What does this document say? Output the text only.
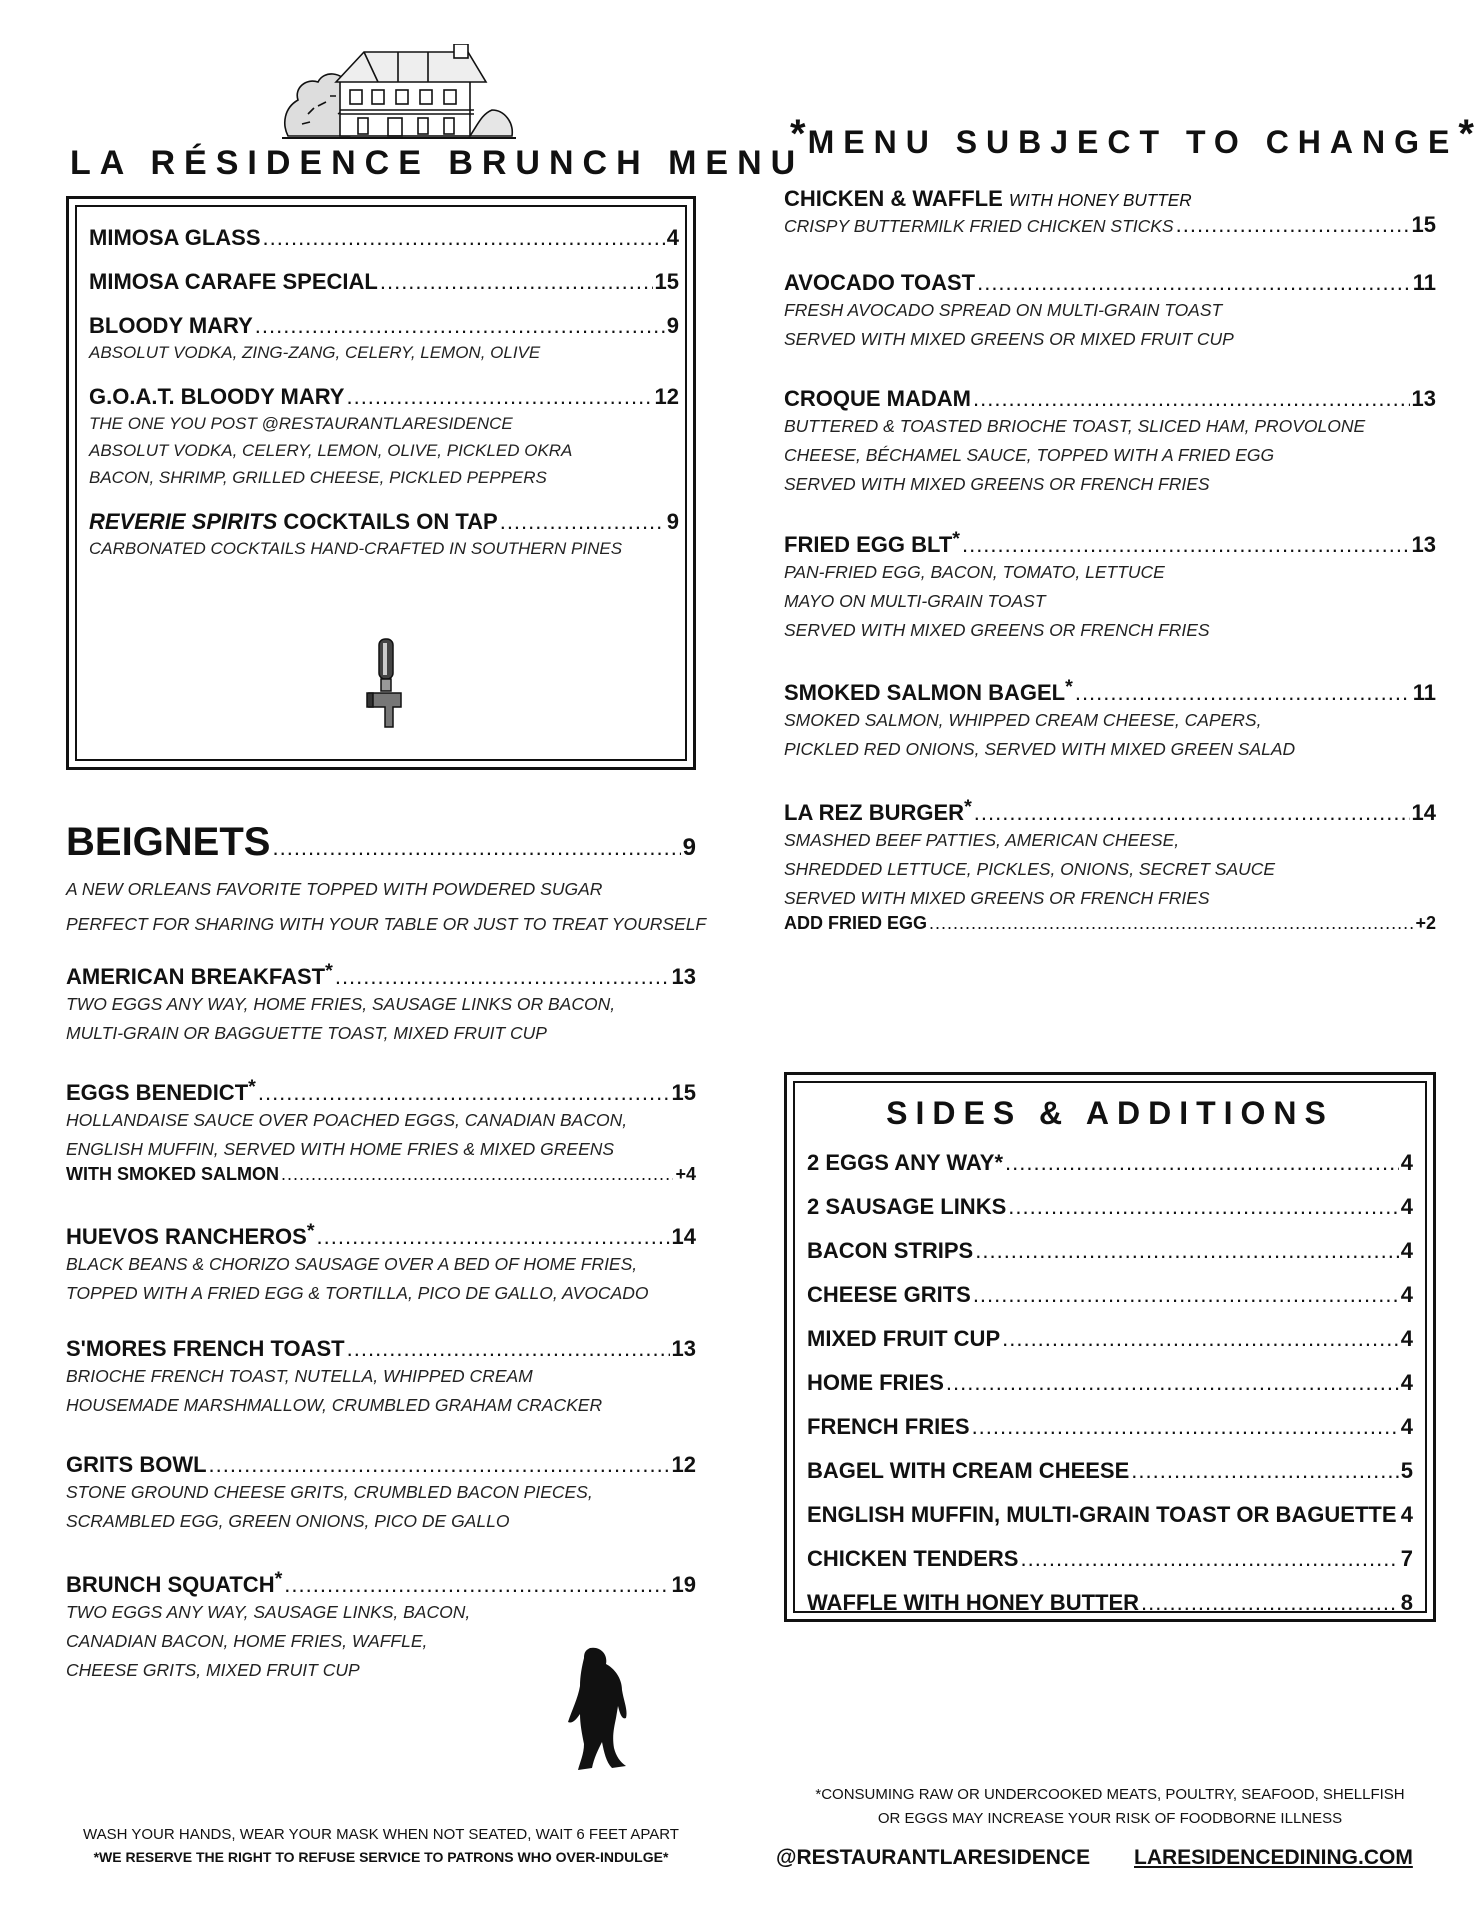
LA RÉSIDENCE BRUNCH MENU
*MENU SUBJECT TO CHANGE*
MIMOSA GLASS .....	4
MIMOSA CARAFE SPECIAL .....	15
BLOODY MARY .....	9
ABSOLUT VODKA, ZING-ZANG, CELERY, LEMON, OLIVE
G.O.A.T. BLOODY MARY .....	12
THE ONE YOU POST @RESTAURANTLARESIDENCE
ABSOLUT VODKA, CELERY, LEMON, OLIVE, PICKLED OKRA
BACON, SHRIMP, GRILLED CHEESE, PICKLED PEPPERS
REVERIE SPIRITS COCKTAILS ON TAP .....	9
CARBONATED COCKTAILS HAND-CRAFTED IN SOUTHERN PINES
BEIGNETS .....	9
A NEW ORLEANS FAVORITE TOPPED WITH POWDERED SUGAR
PERFECT FOR SHARING WITH YOUR TABLE OR JUST TO TREAT YOURSELF
AMERICAN BREAKFAST* .....	13
TWO EGGS ANY WAY, HOME FRIES, SAUSAGE LINKS OR BACON,
MULTI-GRAIN OR BAGGUETTE TOAST, MIXED FRUIT CUP
EGGS BENEDICT* .....	15
HOLLANDAISE SAUCE OVER POACHED EGGS, CANADIAN BACON,
ENGLISH MUFFIN, SERVED WITH HOME FRIES & MIXED GREENS
WITH SMOKED SALMON .....	+4
HUEVOS RANCHEROS* .....	14
BLACK BEANS & CHORIZO SAUSAGE OVER A BED OF HOME FRIES,
TOPPED WITH A FRIED EGG & TORTILLA, PICO DE GALLO, AVOCADO
S'MORES FRENCH TOAST .....	13
BRIOCHE FRENCH TOAST, NUTELLA, WHIPPED CREAM
HOUSEMADE MARSHMALLOW, CRUMBLED GRAHAM CRACKER
GRITS BOWL .....	12
STONE GROUND CHEESE GRITS, CRUMBLED BACON PIECES,
SCRAMBLED EGG, GREEN ONIONS, PICO DE GALLO
BRUNCH SQUATCH* .....	19
TWO EGGS ANY WAY, SAUSAGE LINKS, BACON,
CANADIAN BACON, HOME FRIES, WAFFLE,
CHEESE GRITS, MIXED FRUIT CUP
CHICKEN & WAFFLE WITH HONEY BUTTER
CRISPY BUTTERMILK FRIED CHICKEN STICKS .....	15
AVOCADO TOAST .....	11
FRESH AVOCADO SPREAD ON MULTI-GRAIN TOAST
SERVED WITH MIXED GREENS OR MIXED FRUIT CUP
CROQUE MADAM .....	13
BUTTERED & TOASTED BRIOCHE TOAST, SLICED HAM, PROVOLONE
CHEESE, BÉCHAMEL SAUCE, TOPPED WITH A FRIED EGG
SERVED WITH MIXED GREENS OR FRENCH FRIES
FRIED EGG BLT* .....	13
PAN-FRIED EGG, BACON, TOMATO, LETTUCE
MAYO ON MULTI-GRAIN TOAST
SERVED WITH MIXED GREENS OR FRENCH FRIES
SMOKED SALMON BAGEL* .....	11
SMOKED SALMON, WHIPPED CREAM CHEESE, CAPERS,
PICKLED RED ONIONS, SERVED WITH MIXED GREEN SALAD
LA REZ BURGER* .....	14
SMASHED BEEF PATTIES, AMERICAN CHEESE,
SHREDDED LETTUCE, PICKLES, ONIONS, SECRET SAUCE
SERVED WITH MIXED GREENS OR FRENCH FRIES
ADD FRIED EGG .....	+2
SIDES & ADDITIONS
2 EGGS ANY WAY* .....	4
2 SAUSAGE LINKS .....	4
BACON STRIPS .....	4
CHEESE GRITS .....	4
MIXED FRUIT CUP .....	4
HOME FRIES .....	4
FRENCH FRIES .....	4
BAGEL WITH CREAM CHEESE .....	5
ENGLISH MUFFIN, MULTI-GRAIN TOAST OR BAGUETTE ..... 4
CHICKEN TENDERS .....	7
WAFFLE WITH HONEY BUTTER .....	8
WASH YOUR HANDS, WEAR YOUR MASK WHEN NOT SEATED, WAIT 6 FEET APART
*WE RESERVE THE RIGHT TO REFUSE SERVICE TO PATRONS WHO OVER-INDULGE*
*CONSUMING RAW OR UNDERCOOKED MEATS, POULTRY, SEAFOOD, SHELLFISH
OR EGGS MAY INCREASE YOUR RISK OF FOODBORNE ILLNESS
@RESTAURANTLARESIDENCE LARESIDENCEDINING.COM
